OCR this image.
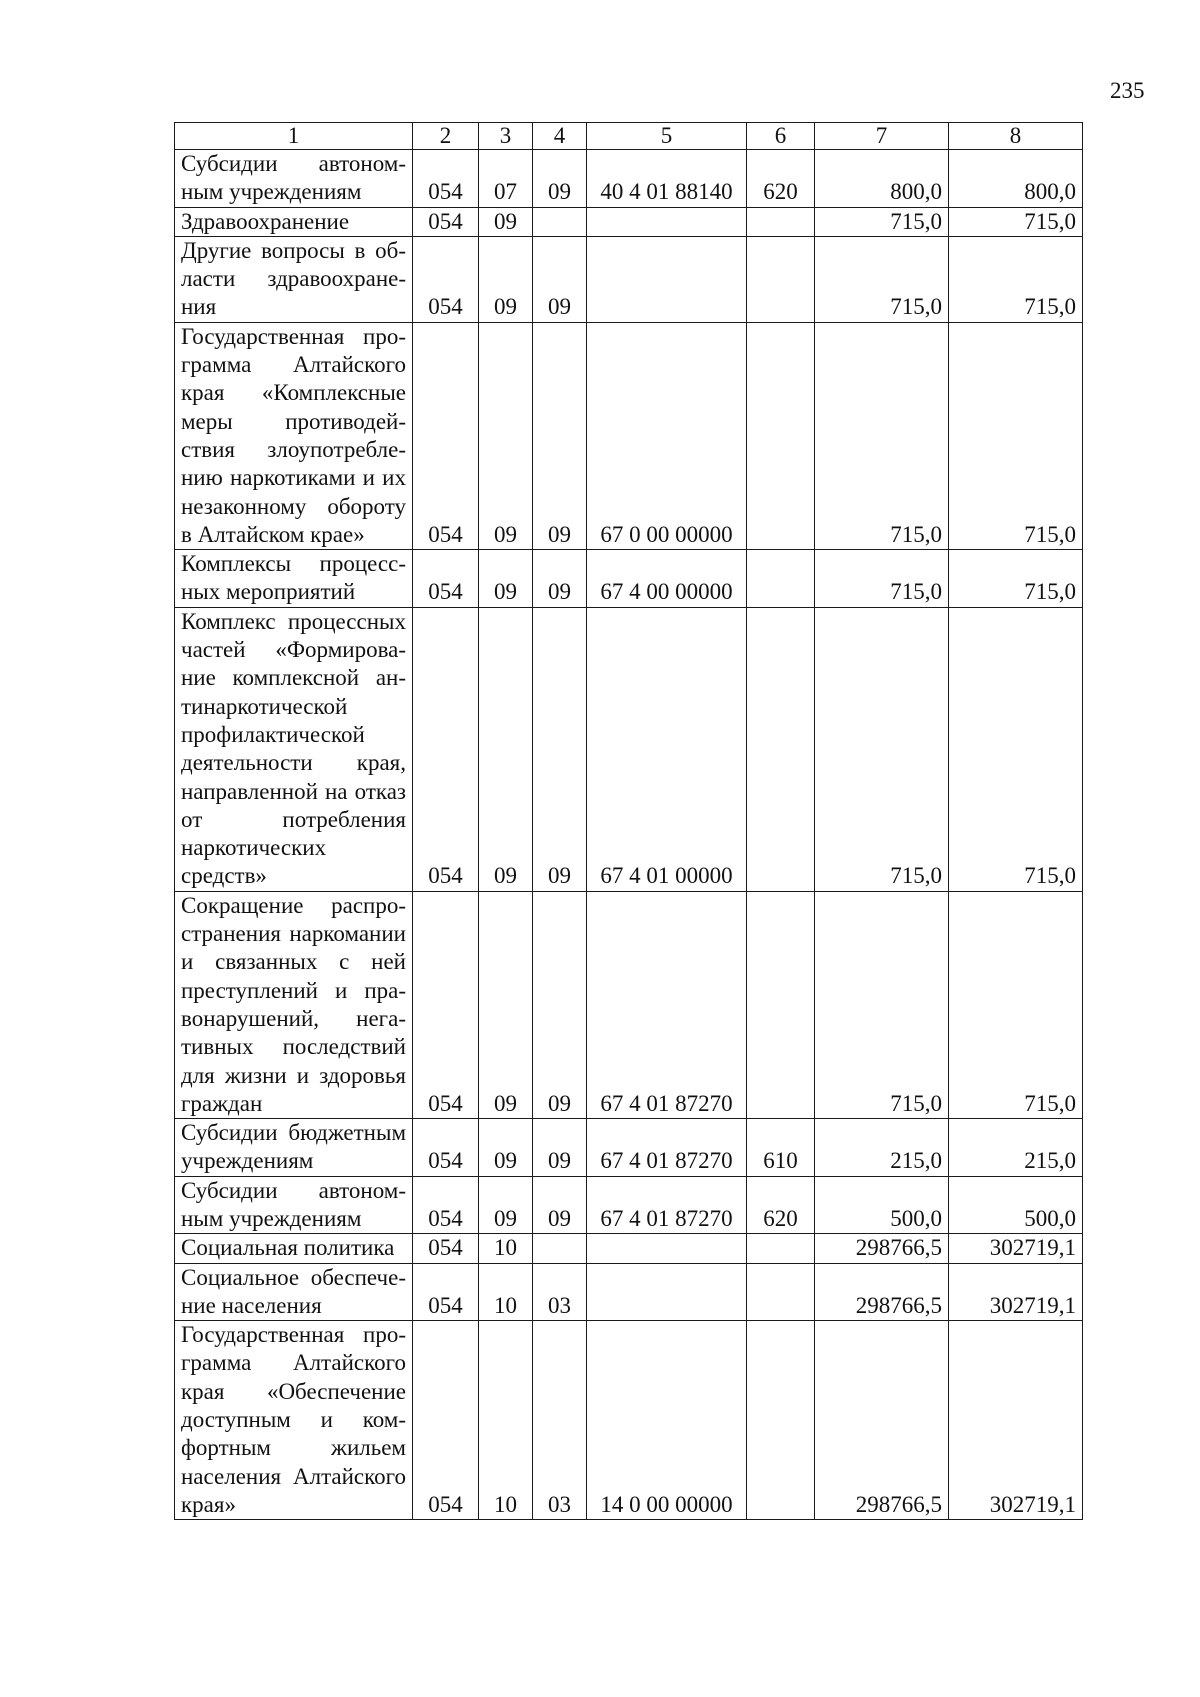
235
1	2	3	4	5	6	7	8
Субсидии автоном-ным учреждениям	054	07	09	40 4 01 88140	620	800,0	800,0
Здравоохранение	054	09				715,0	715,0
Другие вопросы в об-ласти здравоохране-ния	054	09	09			715,0	715,0
Государственная про-грамма Алтайского края «Комплексные меры противодей-ствия злоупотребле-нию наркотиками и их незаконному обороту в Алтайском крае»	054	09	09	67 0 00 00000		715,0	715,0
Комплексы процесс-ных мероприятий	054	09	09	67 4 00 00000		715,0	715,0
Комплекс процессных частей «Формирова-ние комплексной ан-тинаркотической профилактической деятельности края, направленной на отказ от потребления наркотических средств»	054	09	09	67 4 01 00000		715,0	715,0
Сокращение распро-странения наркомании и связанных с ней преступлений и пра-вонарушений, нега-тивных последствий для жизни и здоровья граждан	054	09	09	67 4 01 87270		715,0	715,0
Субсидии бюджетным учреждениям	054	09	09	67 4 01 87270	610	215,0	215,0
Субсидии автоном-ным учреждениям	054	09	09	67 4 01 87270	620	500,0	500,0
Социальная политика	054	10				298766,5	302719,1
Социальное обеспече-ние населения	054	10	03			298766,5	302719,1
Государственная про-грамма Алтайского края «Обеспечение доступным и ком-фортным жильем населения Алтайского края»	054	10	03	14 0 00 00000		298766,5	302719,1
